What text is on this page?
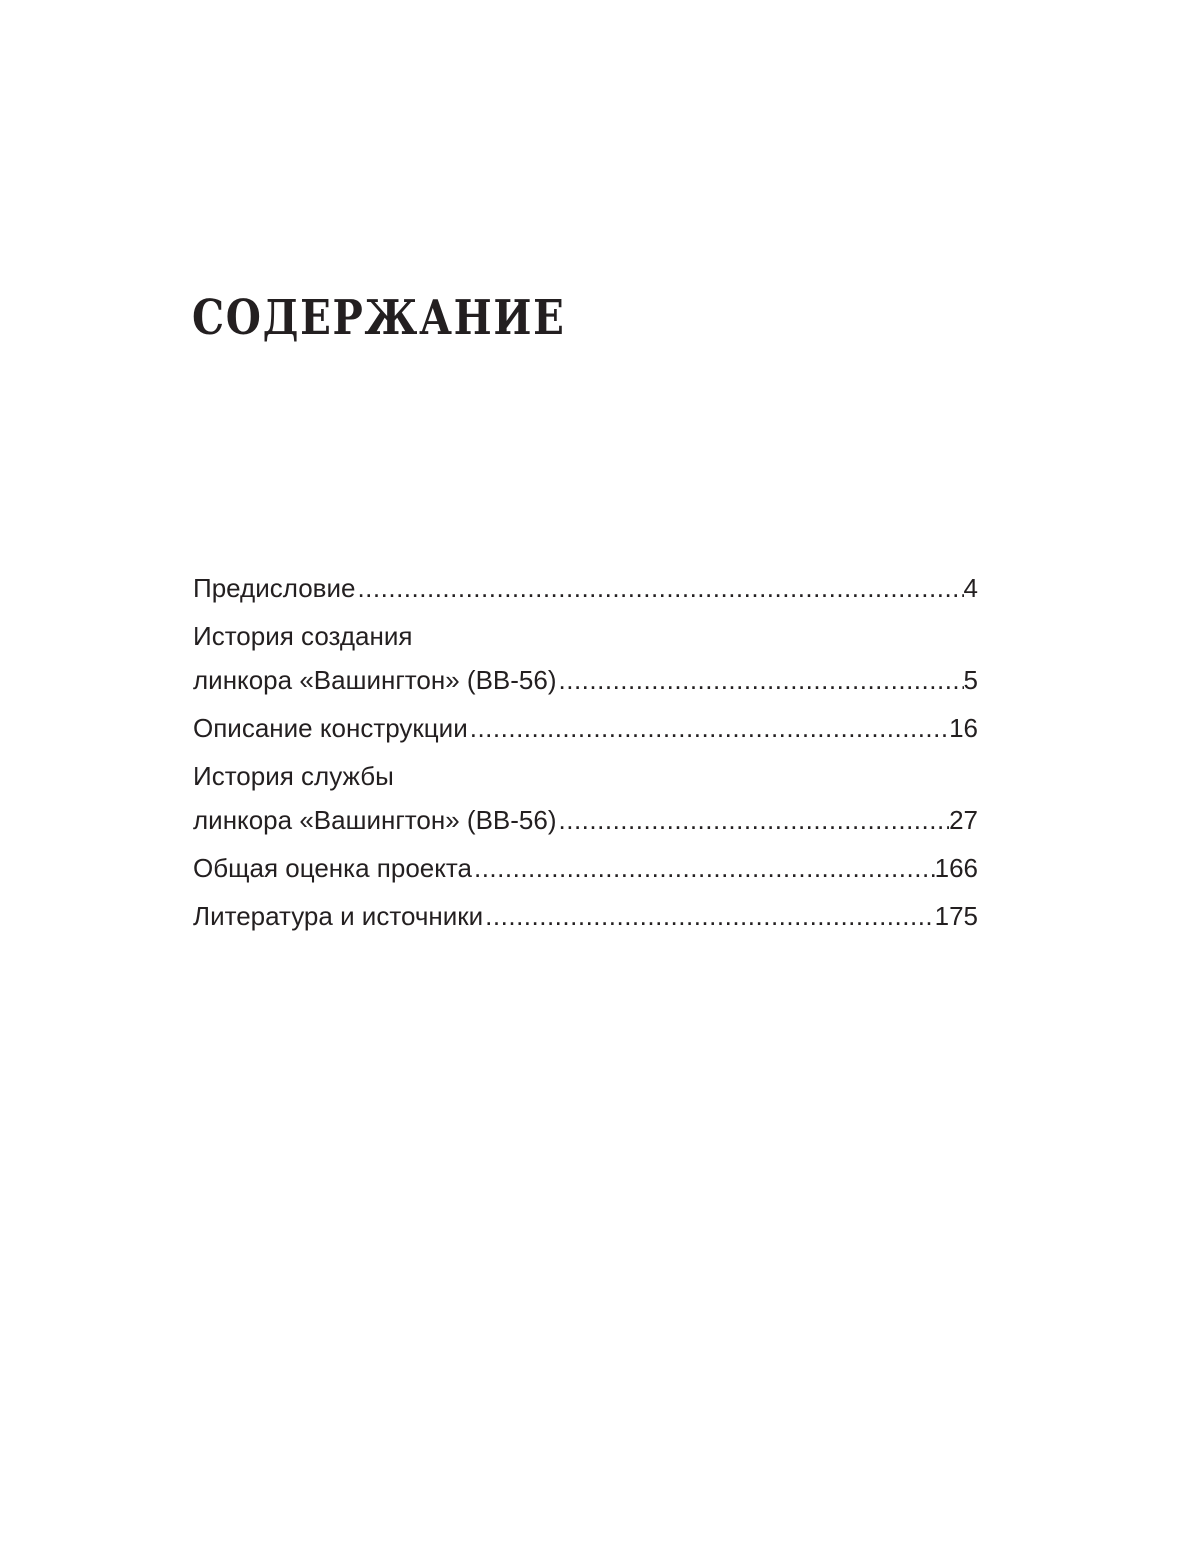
СОДЕРЖАНИЕ
Предисловие .....	4
История создания
линкора «Вашингтон» (ВВ-56) .....	5
Описание конструкции .....	16
История службы
линкора «Вашингтон» (ВВ-56) .....	27
Общая оценка проекта .....	166
Литература и источники .....	175
